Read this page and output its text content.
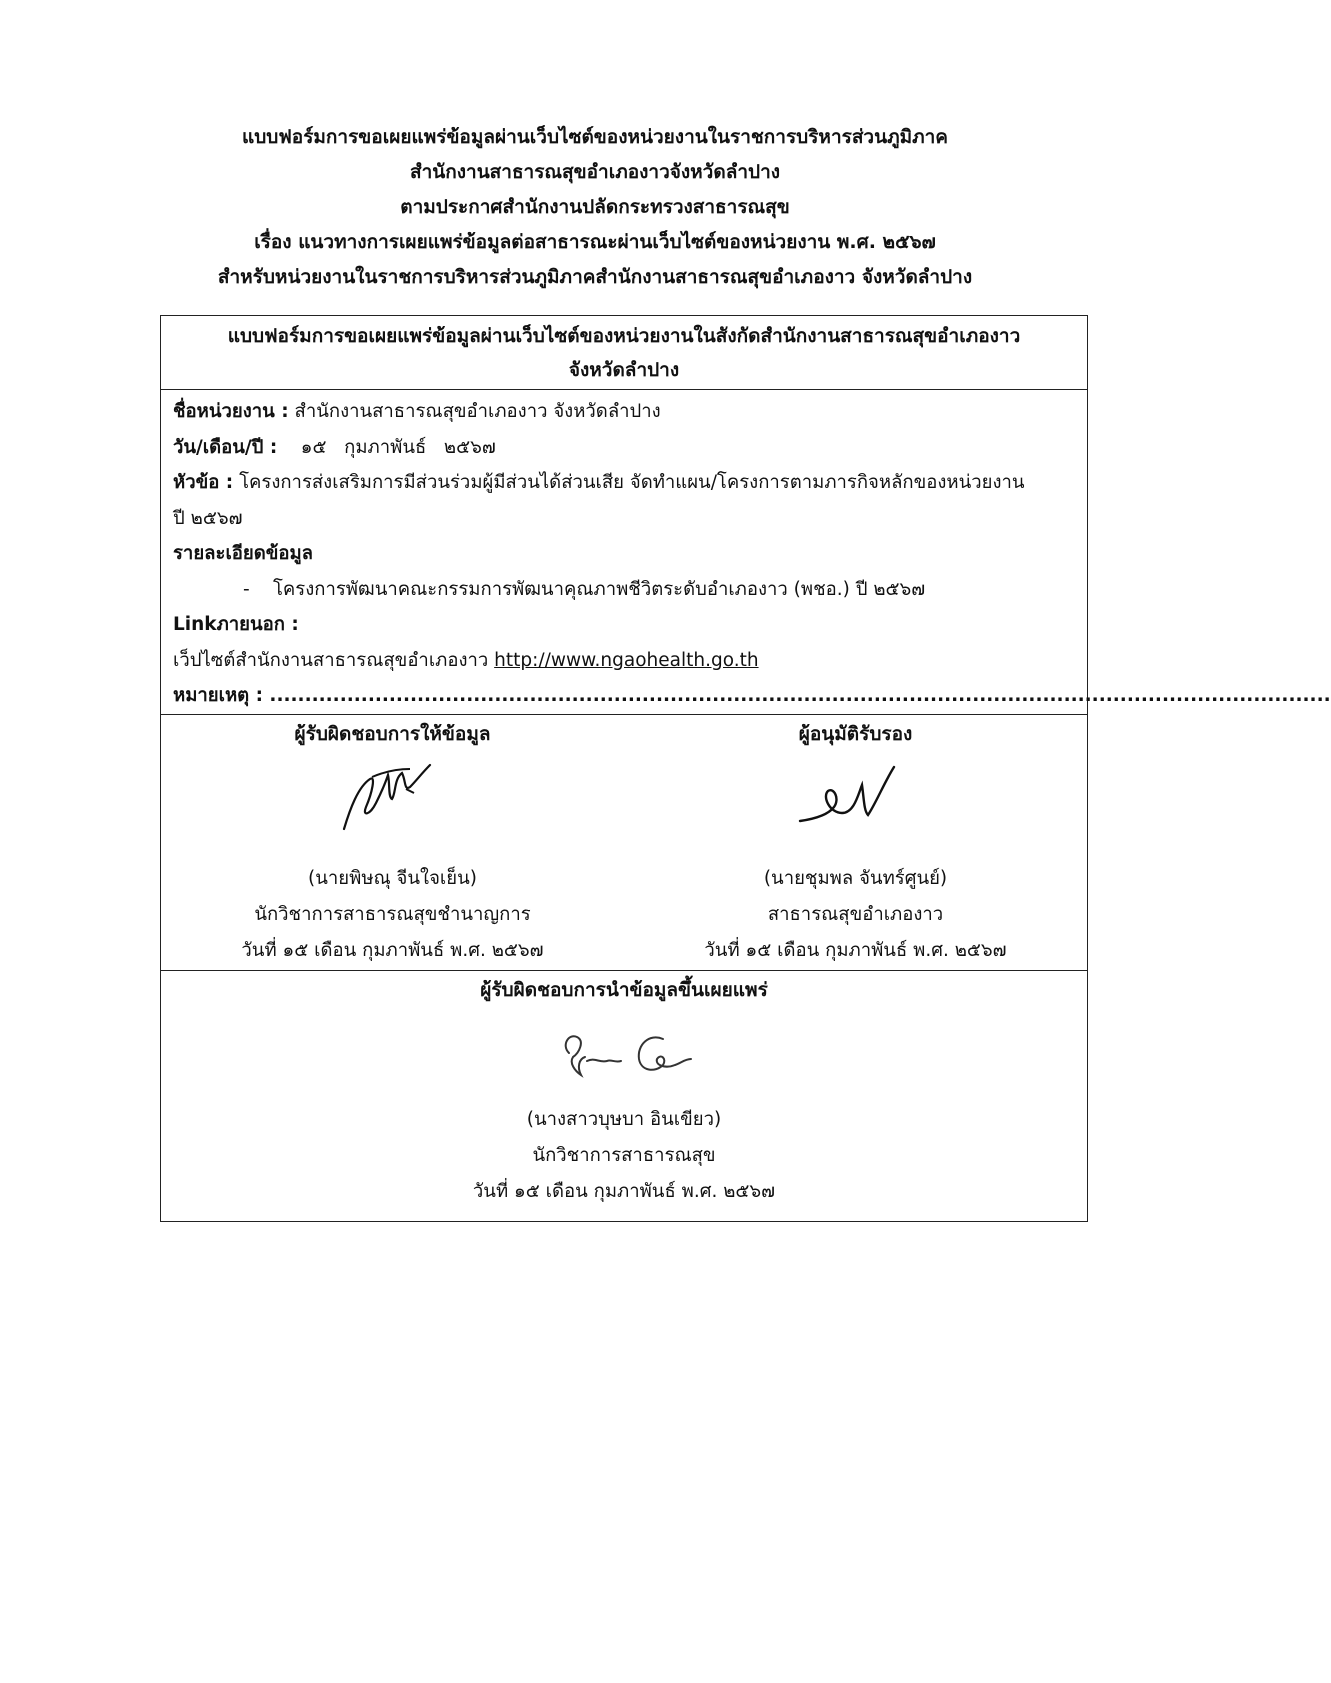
แบบฟอร์มการขอเผยแพร่ข้อมูลผ่านเว็บไซต์ของหน่วยงานในราชการบริหารส่วนภูมิภาค
สำนักงานสาธารณสุขอำเภองาวจังหวัดลำปาง
ตามประกาศสำนักงานปลัดกระทรวงสาธารณสุข
เรื่อง แนวทางการเผยแพร่ข้อมูลต่อสาธารณะผ่านเว็บไซต์ของหน่วยงาน พ.ศ. ๒๕๖๗
สำหรับหน่วยงานในราชการบริหารส่วนภูมิภาคสำนักงานสาธารณสุขอำเภองาว จังหวัดลำปาง
แบบฟอร์มการขอเผยแพร่ข้อมูลผ่านเว็บไซต์ของหน่วยงานในสังกัดสำนักงานสาธารณสุขอำเภองาว
จังหวัดลำปาง
ชื่อหน่วยงาน : สำนักงานสาธารณสุขอำเภองาว จังหวัดลำปาง
วัน/เดือน/ปี :    ๑๕   กุมภาพันธ์   ๒๕๖๗
หัวข้อ : โครงการส่งเสริมการมีส่วนร่วมผู้มีส่วนได้ส่วนเสีย จัดทำแผน/โครงการตามภารกิจหลักของหน่วยงาน
ปี ๒๕๖๗
รายละเอียดข้อมูล
- โครงการพัฒนาคณะกรรมการพัฒนาคุณภาพชีวิตระดับอำเภองาว (พชอ.) ปี ๒๕๖๗
Linkภายนอก :
เว็ปไซต์สำนักงานสาธารณสุขอำเภองาว http://www.ngaohealth.go.th
หมายเหตุ : .......................................................................................................................................................
ผู้รับผิดชอบการให้ข้อมูล
(นายพิษณุ จีนใจเย็น)
นักวิชาการสาธารณสุขชำนาญการ
วันที่ ๑๕ เดือน กุมภาพันธ์ พ.ศ. ๒๕๖๗
ผู้อนุมัติรับรอง
(นายชุมพล จันทร์ศูนย์)
สาธารณสุขอำเภองาว
วันที่ ๑๕ เดือน กุมภาพันธ์ พ.ศ. ๒๕๖๗
ผู้รับผิดชอบการนำข้อมูลขึ้นเผยแพร่
(นางสาวบุษบา อินเขียว)
นักวิชาการสาธารณสุข
วันที่ ๑๕ เดือน กุมภาพันธ์ พ.ศ. ๒๕๖๗
